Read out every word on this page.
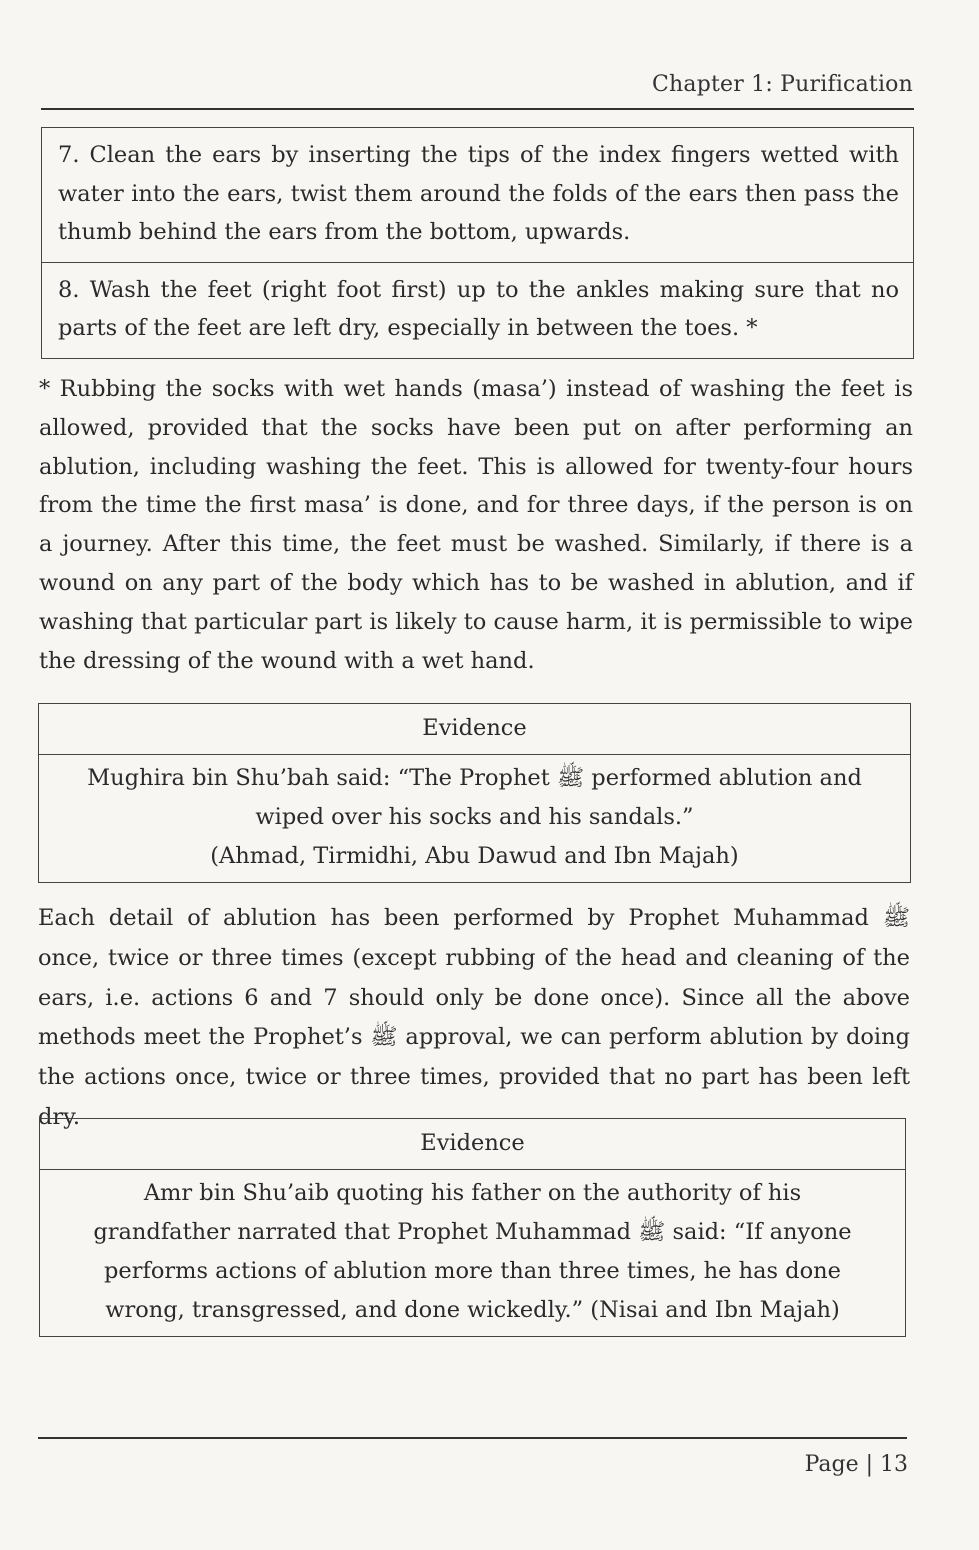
Chapter 1: Purification
7. Clean the ears by inserting the tips of the index fingers wetted with water into the ears, twist them around the folds of the ears then pass the thumb behind the ears from the bottom, upwards.
8. Wash the feet (right foot first) up to the ankles making sure that no parts of the feet are left dry, especially in between the toes. *

* Rubbing the socks with wet hands (masa’) instead of washing the feet is allowed, provided that the socks have been put on after performing an ablution, including washing the feet. This is allowed for twenty-four hours from the time the first masa’ is done, and for three days, if the person is on a journey. After this time, the feet must be washed. Similarly, if there is a wound on any part of the body which has to be washed in ablution, and if washing that particular part is likely to cause harm, it is permissible to wipe the dressing of the wound with a wet hand.

Evidence
Mughira bin Shu’bah said: “The Prophet ﷺ performed ablution and
wiped over his socks and his sandals.”
(Ahmad, Tirmidhi, Abu Dawud and Ibn Majah)

Each detail of ablution has been performed by Prophet Muhammad ﷺ once, twice or three times (except rubbing of the head and cleaning of the ears, i.e. actions 6 and 7 should only be done once). Since all the above methods meet the Prophet’s ﷺ approval, we can perform ablution by doing the actions once, twice or three times, provided that no part has been left dry.

Evidence
Amr bin Shu’aib quoting his father on the authority of his
grandfather narrated that Prophet Muhammad ﷺ said: “If anyone
performs actions of ablution more than three times, he has done
wrong, transgressed, and done wickedly.” (Nisai and Ibn Majah)
Page | 13
